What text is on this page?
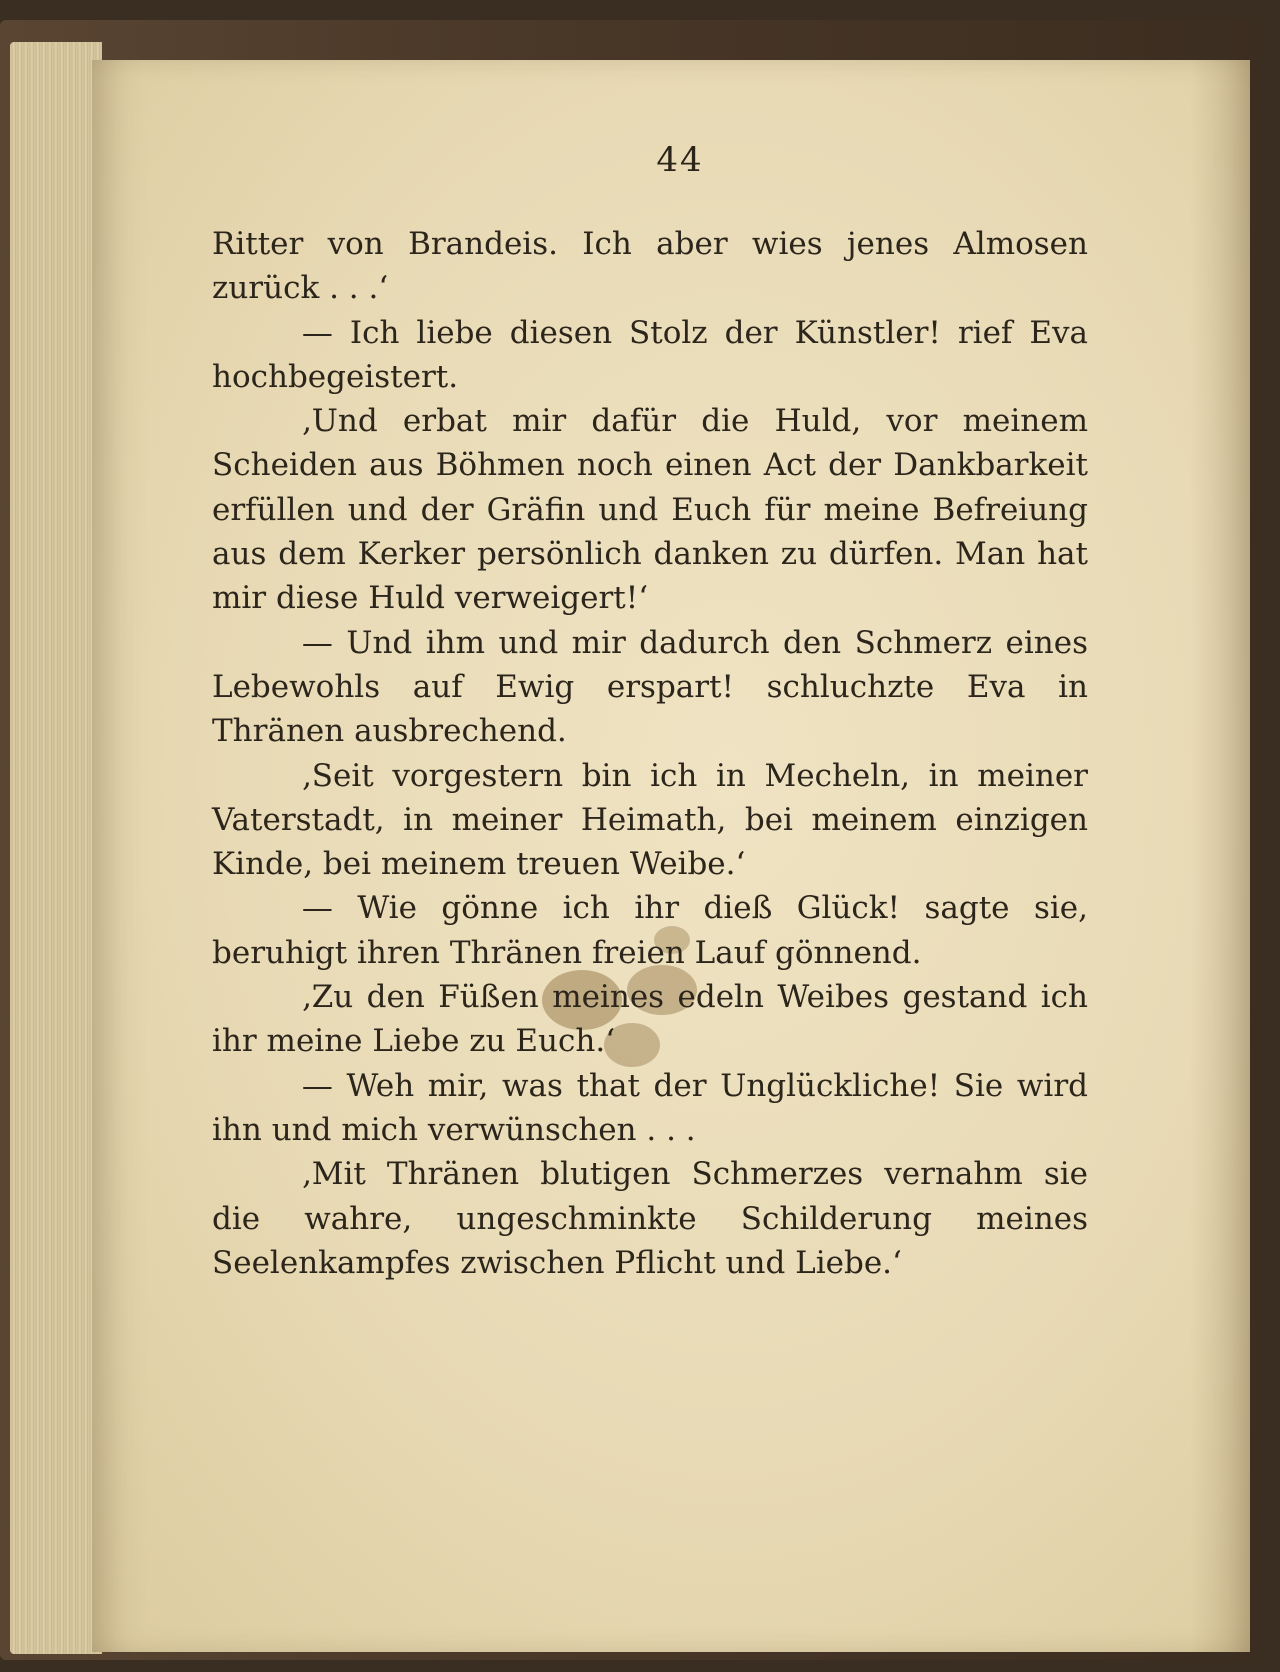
44
Ritter von Brandeis. Ich aber wies jenes Almosen zurück . . .‘
— Ich liebe diesen Stolz der Künstler! rief Eva hochbegeistert.
‚Und erbat mir dafür die Huld, vor meinem Scheiden aus Böhmen noch einen Act der Dankbarkeit erfüllen und der Gräfin und Euch für meine Befreiung aus dem Kerker persönlich danken zu dürfen. Man hat mir diese Huld verweigert!‘
— Und ihm und mir dadurch den Schmerz eines Lebewohls auf Ewig erspart! schluchzte Eva in Thränen ausbrechend.
‚Seit vorgestern bin ich in Mecheln, in meiner Vaterstadt, in meiner Heimath, bei meinem einzigen Kinde, bei meinem treuen Weibe.‘
— Wie gönne ich ihr dieß Glück! sagte sie, beruhigt ihren Thränen freien Lauf gönnend.
‚Zu den Füßen meines edeln Weibes gestand ich ihr meine Liebe zu Euch.‘
— Weh mir, was that der Unglückliche! Sie wird ihn und mich verwünschen . . .
‚Mit Thränen blutigen Schmerzes vernahm sie die wahre, ungeschminkte Schilderung meines Seelenkampfes zwischen Pflicht und Liebe.‘
